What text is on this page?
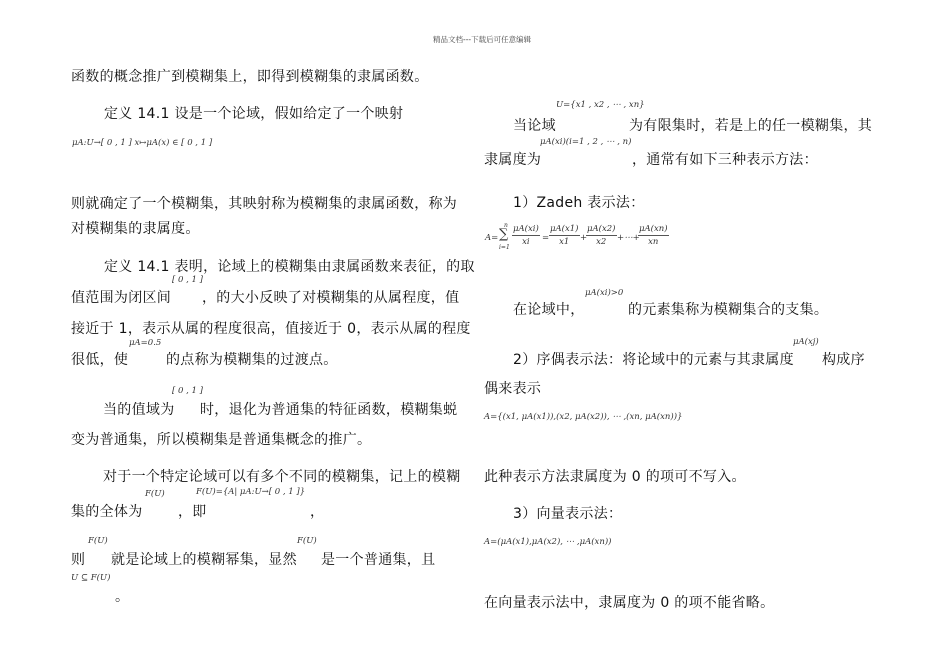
精品文档---下载后可任意编辑
函数的概念推广到模糊集上，即得到模糊集的隶属函数。
定义 14.1 设是一个论域，假如给定了一个映射
μA:U→[ 0 , 1 ] x↦μA(x) ∈ [ 0 , 1 ]
则就确定了一个模糊集，其映射称为模糊集的隶属函数，称为
对模糊集的隶属度。
定义 14.1 表明，论域上的模糊集由隶属函数来表征，的取
[ 0 , 1 ]
值范围为闭区间 ，的大小反映了对模糊集的从属程度，值
接近于 1，表示从属的程度很高，值接近于 0，表示从属的程度
μA=0.5
很低，使	的点称为模糊集的过渡点。
[ 0 , 1 ]
当的值域为 时，退化为普通集的特征函数，模糊集蜕
变为普通集，所以模糊集是普通集概念的推广。
对于一个特定论域可以有多个不同的模糊集，记上的模糊
F(U)	F(U)={A| μA:U→[ 0 , 1 ]}
集的全体为	，即	，
F(U)	F(U)
则 就是论域上的模糊幂集，显然 是一个普通集，且
U ⊆ F(U)
。
U={x1 , x2 , ⋯ , xn}
当论域	为有限集时，若是上的任一模糊集，其
μA(xi)(i=1 , 2 , ⋯ , n)
隶属度为	，通常有如下三种表示方法：
1）Zadeh 表示法：
A=
n
∑
i=1
$\frac{\mu A(xi)}{xi} = \frac{\mu A(x1)}{x1}$ +
$\frac{\mu A(x2)}{x2}$ +⋯+
$\frac{\mu A(xn)}{xn}$
μA(xi)>0
在论域中，	的元素集称为模糊集合的支集。
μA(xj)
2）序偶表示法：将论域中的元素与其隶属度 构成序
偶来表示
A={(x1, μA(x1)),(x2, μA(x2)), ⋯ ,(xn, μA(xn))}
此种表示方法隶属度为 0 的项可不写入。
3）向量表示法：
A=(μA(x1),μA(x2), ⋯ ,μA(xn))
在向量表示法中，隶属度为 0 的项不能省略。
